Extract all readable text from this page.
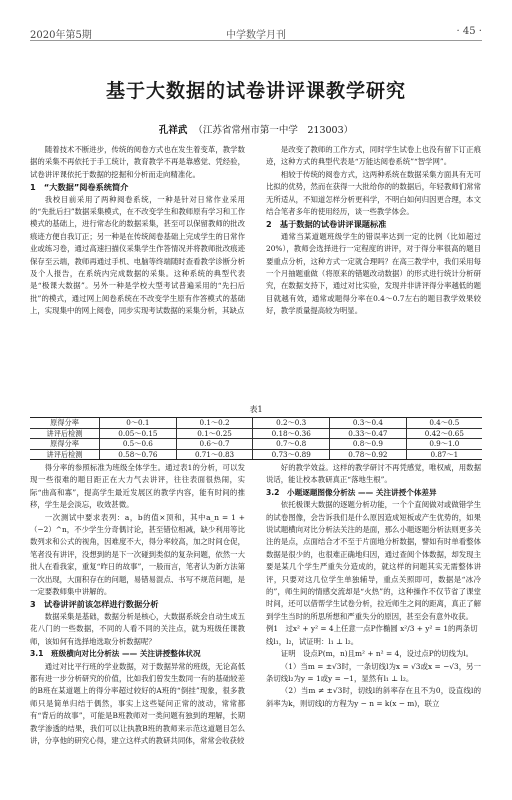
2020年第5期	中学数学月刊	· 45 ·
基于大数据的试卷讲评课教学研究
孔祥武 （江苏省常州市第一中学　213003）

随着技术不断进步，传统的阅卷方式也在发生着变革，教学数据的采集不再依托于手工统计，教育教学不再是靠感觉、凭经验，试卷讲评课依托于数据的挖掘和分析而走向精准化。

1　“大数据”阅卷系统简介

我校目前采用了两种阅卷系统，一种是针对日常作业采用的“先批后扫”数据采集模式，在不改变学生和教师原有学习和工作模式的基础上，进行常态化的数据采集，甚至可以保留教师的批改痕迹方便自我订正；另一种是在传统阅卷基础上完成学生的日常作业或练习卷，通过高速扫描仪采集学生作答情况并将教师批改痕迹保存至云端，教师再通过手机、电脑等终端随时查看教学诊断分析及个人报告，在系统内完成数据的采集。这种系统的典型代表是“极课大数据”。另外一种是学校大型考试普遍采用的“先扫后批”的模式，通过网上阅卷系统在不改变学生原有作答模式的基础上，实现集中的网上阅卷，同步实现考试数据的采集分析，其缺点

是改变了教师的工作方式，同时学生试卷上也没有留下订正痕迹，这种方式的典型代表是“万能达阅卷系统”“智学网”。

相较于传统的阅卷方式，这两种系统在数据采集方面具有无可比拟的优势，然而在获得一大批给你的的数据后，年轻教师们常常无所适从，不知道怎样分析更科学，不明白如何归因更合理，本文结合笔者多年的使用经历，谈一些教学体会。

2　基于数据的试卷讲评课题标准

通常当某道题班级学生的错误率达到一定的比例（比如超过20%），教师会选择进行一定程度的讲评，对于得分率很高的题目要重点分析，这种方式一定就合理吗？在高三教学中，我们采用每一个月抽题重做（将原来的错题改动数据）的形式进行统计分析研究，在数据支持下，通过对比实验，发现并非讲评得分率越低的题目就越有效，通常或题得分率在0.4～0.7左右的题目教学效果较好，教学质量提高较为明显。

表1
原得分率	0～0.1	0.1～0.2	0.2～0.3	0.3～0.4	0.4～0.5
讲评后检测	0.05～0.15	0.1～0.25	0.18～0.36	0.33～0.47	0.42～0.65
原得分率	0.5～0.6	0.6～0.7	0.7～0.8	0.8～0.9	0.9～1.0
讲评后检测	0.58～0.76	0.71～0.83	0.73～0.89	0.78～0.92	0.87～1

得分率的参照标准为班级全体学生。通过表1的分析，可以发现一些很难的题目距正在大力气去讲评，往往表面很热闹，实际“曲高和寡”，提高学生最近发展区的教学内容，能有时间的推移，学生是会淡忘，收效甚微。

一次测试中要求表列：a，b的值×顶和，其中a_n = 1 +（−2）^n，不少学生分奇偶讨论，甚至错位相减，缺少利用等比数列求和公式的视角，因难度不大，得分率较高，加之时间仓促，笔者没有讲评，没想到的是下一次碰到类似的复杂问题，依然一大批人在看我家，重复“昨日的故事”，一般而言，笔者认为新方法第一次出现，大面积存在的问题，易错易混点、书写不规范问题，是一定要教师集中讲解的。

3　试卷讲评前该怎样进行数据分析

数据采集是基础，数据分析是核心，大数据系统会自动生成五花八门的一些数据，不同的人看不同的关注点，就为班级任课教师，该如何有选择地选取分析数据呢？

3.1　班级横向对比分析法 —— 关注讲授整体状况

通过对比平行班的学业数据，对于数据异常的班级，无论高低都有进一步分析研究的价值，比如我们曾发生数同一有的基础较差的B班在某道题上的得分率超过较好的A班的“倒挂”现象，很多教师只是简单归结于偶然，事实上这些疑问正常的波动，常常都有“背后的故事”，可能是B班教师对一类问题有独到的理解，长期教学渗透的结果，我们可以让执教B班的教师来示范这道题目怎么讲，分享他的研究心得，建立这样式的教研共同体，常常会收获较

好的教学效益。这样的教学研讨不再凭感觉，唯权威，用数据说话，能让校本教研真正“落地生根”。

3.2　小题逐题图像分析法 —— 关注讲授个体差异

依托极课大数据的逐题分析功能，一个个直阅做对或做错学生的试卷图像，会告诉我们是什么原因造成短板或产生优势的，如果说试题横向对比分析法关注的是面，那么小题逐题分析法则更多关注的是点，点面结合才不至于片面地分析数据，譬如有时单看整体数据是很少的，也很难正确地归因，通过查阅个体数据，却发现主要是某几个学生严重失分造成的，就这样的问题其实无需整体讲评，只要对这几位学生单独辅导，重点关照即可，数据是“冰冷的”，师生间的情感交流却是“火热”的，这种操作不仅节省了课堂时间，还可以借帮学生试卷分析，拉近师生之间的距离，真正了解到学生当时的所思所想和严重失分的原因，甚至会有意外收获。

例1　过x² + y² = 4上任意一点P作椭圆 x²/3 + y² = 1的两条切线l₁，l₂，试证明：l₁ ⊥ l₂。

证明　设点P(m，n)且m² + n² = 4，设过点P的切线为l。

（1）当m = ±√3时，一条切线l为x = √3或x = −√3，另一条切线l₂为y = 1或y = −1，显然有l₁ ⊥ l₂。

（2）当m ≠ ±√3时，切线l的斜率存在且不为0，设直线l的斜率为k，则切线l的方程为y − n = k(x − m)，联立
